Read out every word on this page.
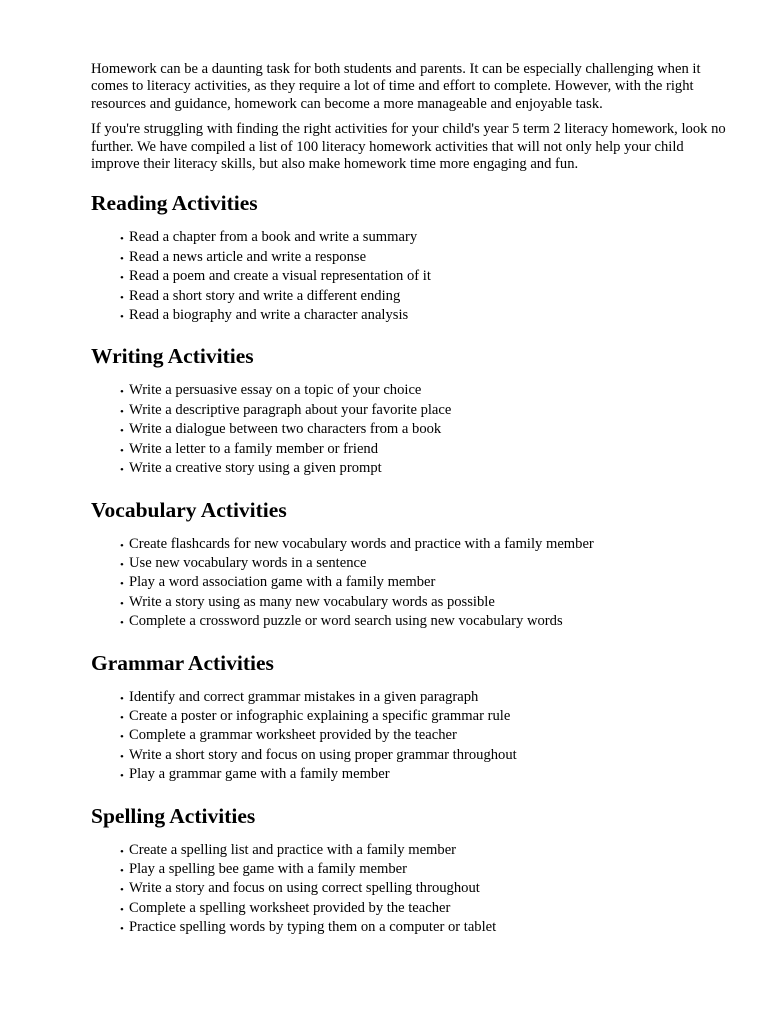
Homework can be a daunting task for both students and parents. It can be especially challenging when it comes to literacy activities, as they require a lot of time and effort to complete. However, with the right resources and guidance, homework can become a more manageable and enjoyable task.

If you're struggling with finding the right activities for your child's year 5 term 2 literacy homework, look no further. We have compiled a list of 100 literacy homework activities that will not only help your child improve their literacy skills, but also make homework time more engaging and fun.

Reading Activities
• Read a chapter from a book and write a summary
• Read a news article and write a response
• Read a poem and create a visual representation of it
• Read a short story and write a different ending
• Read a biography and write a character analysis
Writing Activities
• Write a persuasive essay on a topic of your choice
• Write a descriptive paragraph about your favorite place
• Write a dialogue between two characters from a book
• Write a letter to a family member or friend
• Write a creative story using a given prompt
Vocabulary Activities
• Create flashcards for new vocabulary words and practice with a family member
• Use new vocabulary words in a sentence
• Play a word association game with a family member
• Write a story using as many new vocabulary words as possible
• Complete a crossword puzzle or word search using new vocabulary words
Grammar Activities
• Identify and correct grammar mistakes in a given paragraph
• Create a poster or infographic explaining a specific grammar rule
• Complete a grammar worksheet provided by the teacher
• Write a short story and focus on using proper grammar throughout
• Play a grammar game with a family member
Spelling Activities
• Create a spelling list and practice with a family member
• Play a spelling bee game with a family member
• Write a story and focus on using correct spelling throughout
• Complete a spelling worksheet provided by the teacher
• Practice spelling words by typing them on a computer or tablet
